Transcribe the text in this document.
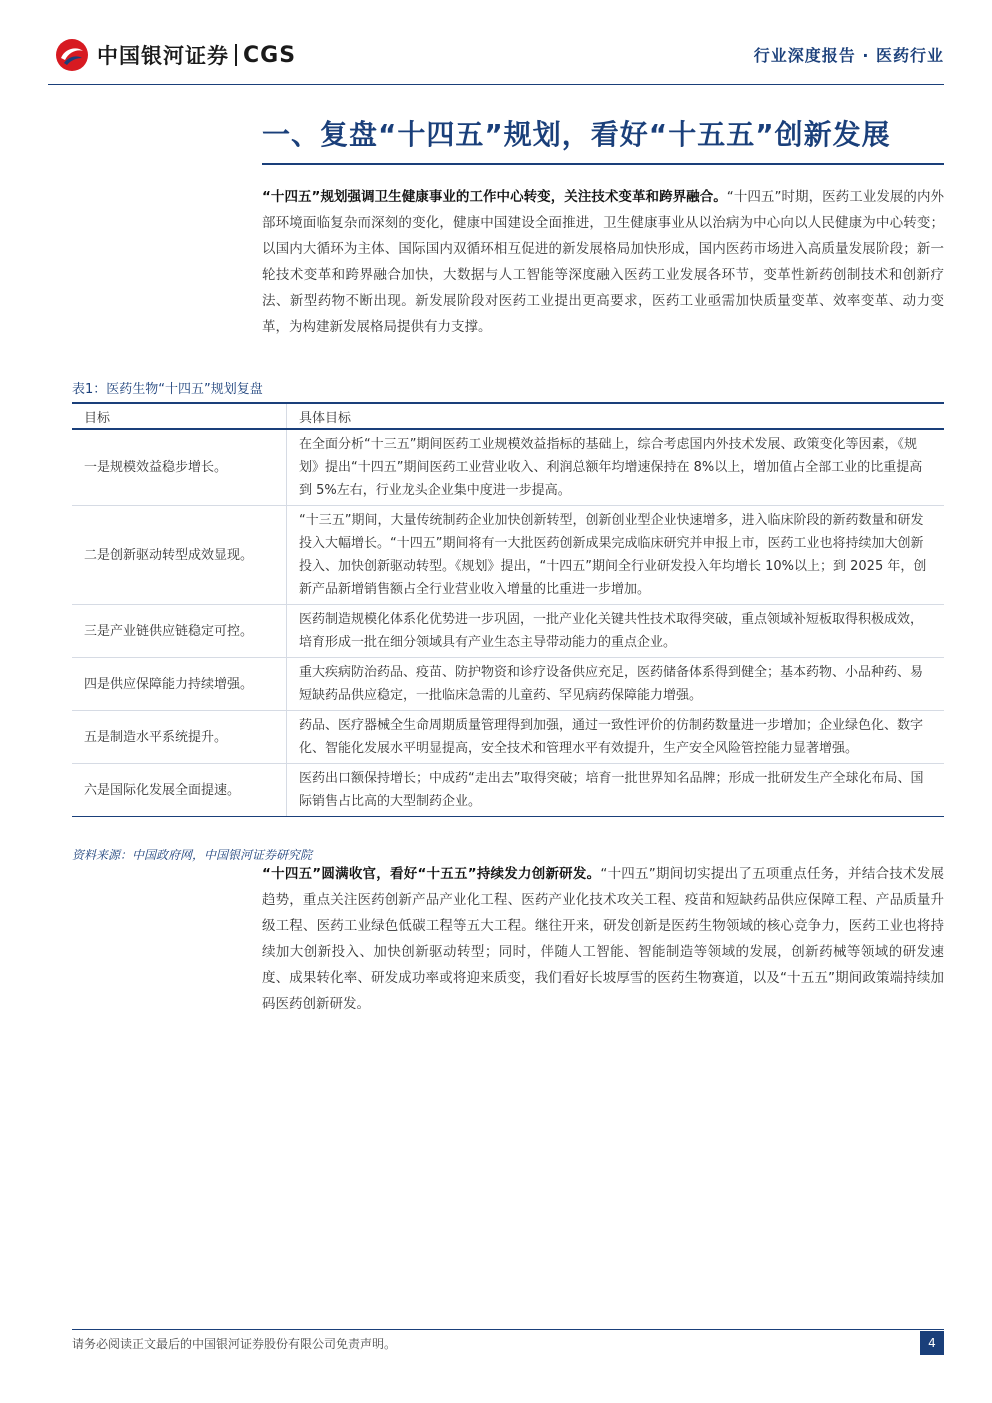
中国银河证券 CGS	行业深度报告 · 医药行业
一、复盘“十四五”规划，看好“十五五”创新发展

“十四五”规划强调卫生健康事业的工作中心转变，关注技术变革和跨界融合。“十四五”时期，医药工业发展的内外部环境面临复杂而深刻的变化，健康中国建设全面推进，卫生健康事业从以治病为中心向以人民健康为中心转变；以国内大循环为主体、国际国内双循环相互促进的新发展格局加快形成，国内医药市场进入高质量发展阶段；新一轮技术变革和跨界融合加快，大数据与人工智能等深度融入医药工业发展各环节，变革性新药创制技术和创新疗法、新型药物不断出现。新发展阶段对医药工业提出更高要求，医药工业亟需加快质量变革、效率变革、动力变革，为构建新发展格局提供有力支撑。

表1：医药生物“十四五”规划复盘
目标	具体目标
一是规模效益稳步增长。	在全面分析“十三五”期间医药工业规模效益指标的基础上，综合考虑国内外技术发展、政策变化等因素，《规划》提出“十四五”期间医药工业营业收入、利润总额年均增速保持在 8%以上，增加值占全部工业的比重提高到 5%左右，行业龙头企业集中度进一步提高。
二是创新驱动转型成效显现。	“十三五”期间，大量传统制药企业加快创新转型，创新创业型企业快速增多，进入临床阶段的新药数量和研发投入大幅增长。“十四五”期间将有一大批医药创新成果完成临床研究并申报上市，医药工业也将持续加大创新投入、加快创新驱动转型。《规划》提出，“十四五”期间全行业研发投入年均增长 10%以上；到 2025 年，创新产品新增销售额占全行业营业收入增量的比重进一步增加。
三是产业链供应链稳定可控。	医药制造规模化体系化优势进一步巩固，一批产业化关键共性技术取得突破，重点领域补短板取得积极成效，培育形成一批在细分领域具有产业生态主导带动能力的重点企业。
四是供应保障能力持续增强。	重大疾病防治药品、疫苗、防护物资和诊疗设备供应充足，医药储备体系得到健全；基本药物、小品种药、易短缺药品供应稳定，一批临床急需的儿童药、罕见病药保障能力增强。
五是制造水平系统提升。	药品、医疗器械全生命周期质量管理得到加强，通过一致性评价的仿制药数量进一步增加；企业绿色化、数字化、智能化发展水平明显提高，安全技术和管理水平有效提升，生产安全风险管控能力显著增强。
六是国际化发展全面提速。	医药出口额保持增长；中成药“走出去”取得突破；培育一批世界知名品牌；形成一批研发生产全球化布局、国际销售占比高的大型制药企业。
资料来源：中国政府网，中国银河证券研究院

“十四五”圆满收官，看好“十五五”持续发力创新研发。“十四五”期间切实提出了五项重点任务，并结合技术发展趋势，重点关注医药创新产品产业化工程、医药产业化技术攻关工程、疫苗和短缺药品供应保障工程、产品质量升级工程、医药工业绿色低碳工程等五大工程。继往开来，研发创新是医药生物领域的核心竞争力，医药工业也将持续加大创新投入、加快创新驱动转型；同时，伴随人工智能、智能制造等领域的发展，创新药械等领域的研发速度、成果转化率、研发成功率或将迎来质变，我们看好长坡厚雪的医药生物赛道，以及“十五五”期间政策端持续加码医药创新研发。

请务必阅读正文最后的中国银河证券股份有限公司免责声明。	4
